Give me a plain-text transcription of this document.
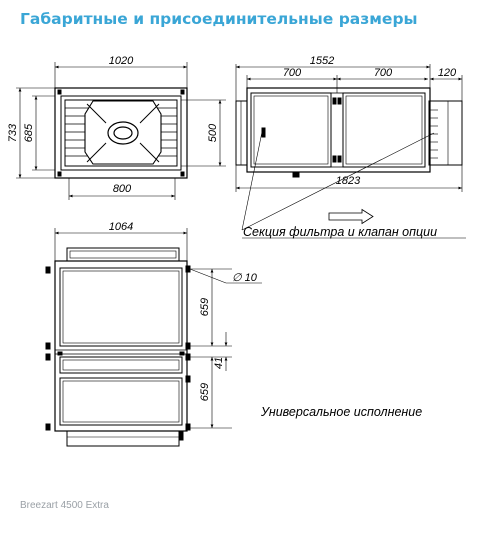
Габаритные и присоединительные размеры
1020
733 685	500
800
1552
700	700	120
1823
Секция фильтра и клапан опции
1064
∅ 10
659
41
659
Универсальное исполнение
Breezart 4500 Extra
